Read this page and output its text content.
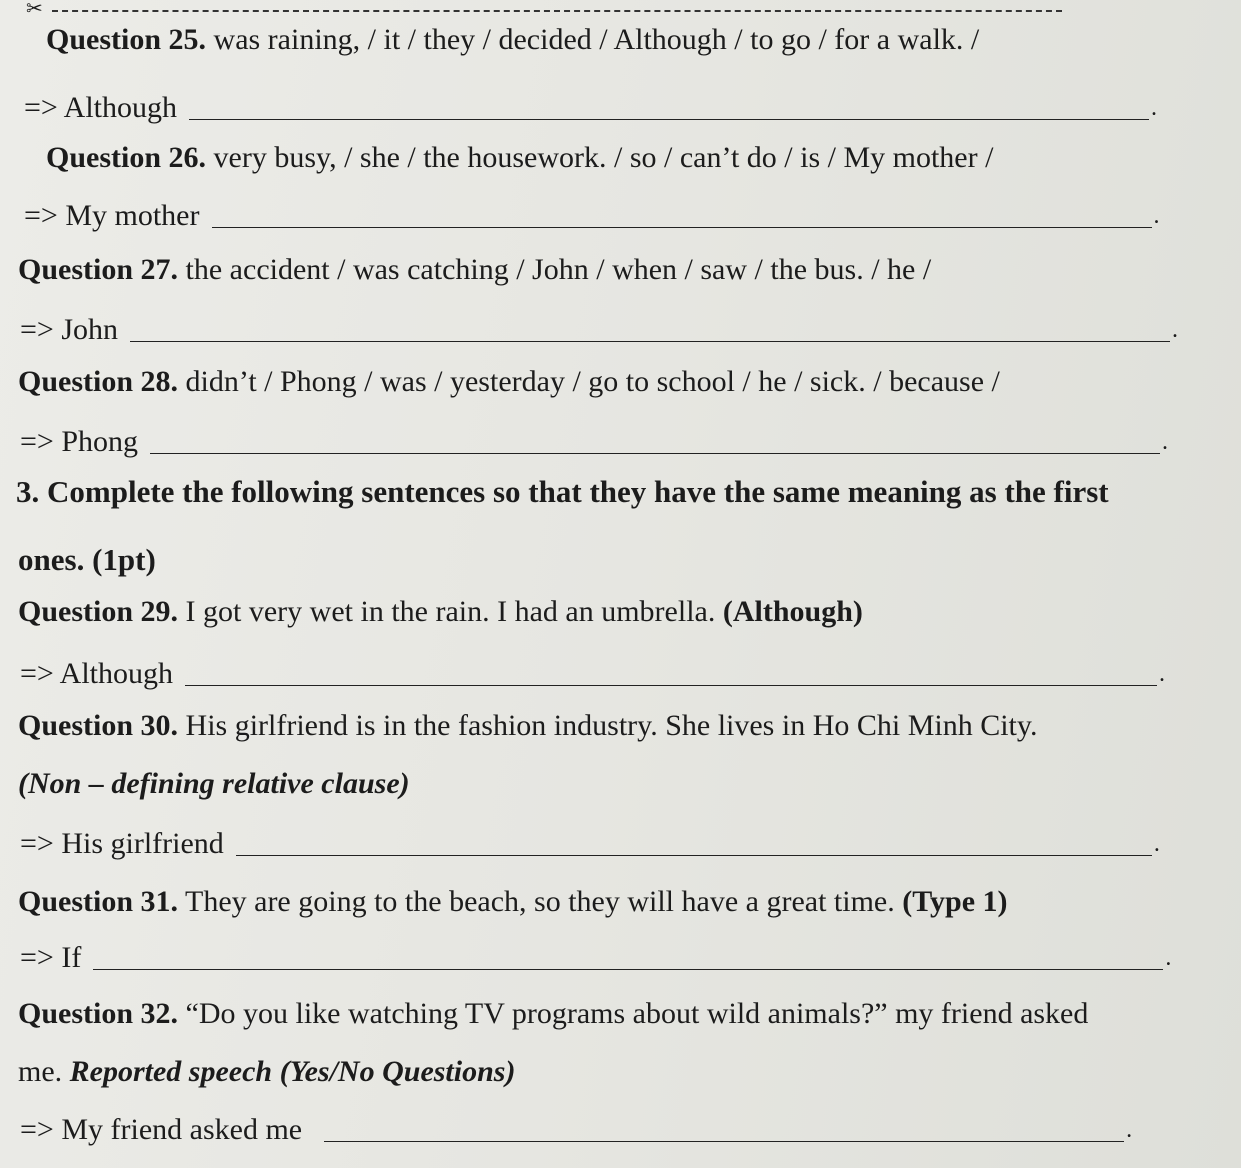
✂
Question 25. was raining, / it / they / decided / Although / to go / for a walk. /
=> Although	.
Question 26. very busy, / she / the housework. / so / can’t do / is / My mother /
=> My mother	.
Question 27. the accident / was catching / John / when / saw / the bus. / he /
=> John	.
Question 28. didn’t / Phong / was / yesterday / go to school / he / sick. / because /
=> Phong	.
3. Complete the following sentences so that they have the same meaning as the first
ones. (1pt)
Question 29. I got very wet in the rain. I had an umbrella. (Although)
=> Although	.
Question 30. His girlfriend is in the fashion industry. She lives in Ho Chi Minh City.
(Non – defining relative clause)
=> His girlfriend	.
Question 31. They are going to the beach, so they will have a great time. (Type 1)
=> If	.
Question 32. “Do you like watching TV programs about wild animals?” my friend asked
me. Reported speech (Yes/No Questions)
=> My friend asked me	.
